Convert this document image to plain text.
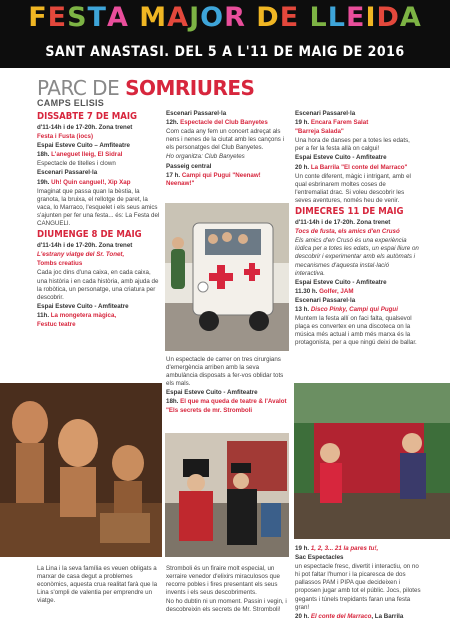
FESTA MAJOR DE LLEIDA
SANT ANASTASI. DEL 5 A L'11 DE MAIG DE 2016
PARC DE SOMRIURES
CAMPS ELISIS
DISSABTE 7 DE MAIG

d'11-14h i de 17-20h. Zona trenet

Festa i Fusta (iocs)

Espai Esteve Cuito – Amfiteatre

18h. L'aneguet lleig, El Sidral

Espectacle de titelles i clown

Escenari Passarel·la

19h. Uh! Quin canguel!, Xip Xap

Imaginat que passa quan la bèstia, la granota, la bruixa, el rellotge de paret, la vaca, lo Marraco, l'esquelet i els seus amics s'ajunten per fer una festa... és: La Festa del CANGUELI.

DIUMENGE 8 DE MAIG

d'11-14h i de 17-20h. Zona trenet

L'estrany viatge del Sr. Tonet,

Tombs creatius

Cada joc dins d'una caixa, en cada caixa, una història i en cada història, amb ajuda de la robòtica, un personatge, una criatura per descobrir.

Espai Esteve Cuito - Amfiteatre

11h. La mongetera màgica,

Festuc teatre

Escenari Passarel·la

12h. Espectacle del Club Banyetes

Com cada any fem un concert adreçat als nens i nenes de la ciutat amb les cançons i els personatges del Club Banyetes.

Ho organitza: Club Banyetes

Passeig central

17 h. Campi qui Pugui "Neenaw! Neenaw!"

Un espectacle de carrer on tres cirurgians d'emergència arriben amb la seva ambulància disposats a fer-vos oblidar tots els mals.

Espai Esteve Cuito - Amfiteatre

18h. El que ma queda de teatre & l'Avalot "Els secrets de mr. Stromboli

Stromboli és un firaire molt especial, un xerraire venedor d'elixirs miraculosos que recorre pobles i fires presentant els seus invents i els seus descobriments.

No ho dubtin ni un moment. Passin i vegin, i descobreixin els secrets de Mr. Stromboli!

Escenari Passarel·la

19 h. Encara Farem Salat

"Barreja Salada"

Una hora de danses per a totes les edats, per a fer la festa allà on calgui!

Espai Esteve Cuito - Amfiteatre

20 h. La Barrila "El conte del Marraco"

Un conte diferent, màgic i intrigant, amb el qual esbrinarem moltes coses de l'entremaliat drac. Si voleu descobrir les seves aventures, només heu de venir.

DIMECRES 11 DE MAIG

d'11-14h i de 17-20h. Zona trenet

Tocs de fusta, els amics d'en Crusó

Els amics d'en Crusó és una experiència lúdica per a totes les edats, un espai lliure on descobrir i experimentar amb els autòmats i mecanismes d'aquesta instal·lació interactiva.

Espai Esteve Cuito - Amfiteatre

11.30 h. Golfer, JAM

Escenari Passarel·la

13 h. Disco Pinky, Campi qui Pugui

Muntem la festa allí on faci falta, qualsevol plaça es convertex en una discoteca on la música més actual i amb més marxa és la protagonista, per a que ningú deixi de ballar.

La Lina i la seva família es veuen obligats a marxar de casa degut a problemes econòmics, aquesta crua realitat farà que la Lina s'ompli de valentia per emprendre un viatge.

19 h. 1, 2, 3... 21 la pares tu!,

Sac Espectacles

un espectacle fresc, divertit i interactiu, on no hi pot faltar l'humor i la picaresca de dos pallassos PAM i PIPA que decideixen i proposen jugar amb tot el públic. Jocs, pilotes gegants i túnels trepidants faran una festa gran!

20 h. El conte del Marraco, La Barrila
